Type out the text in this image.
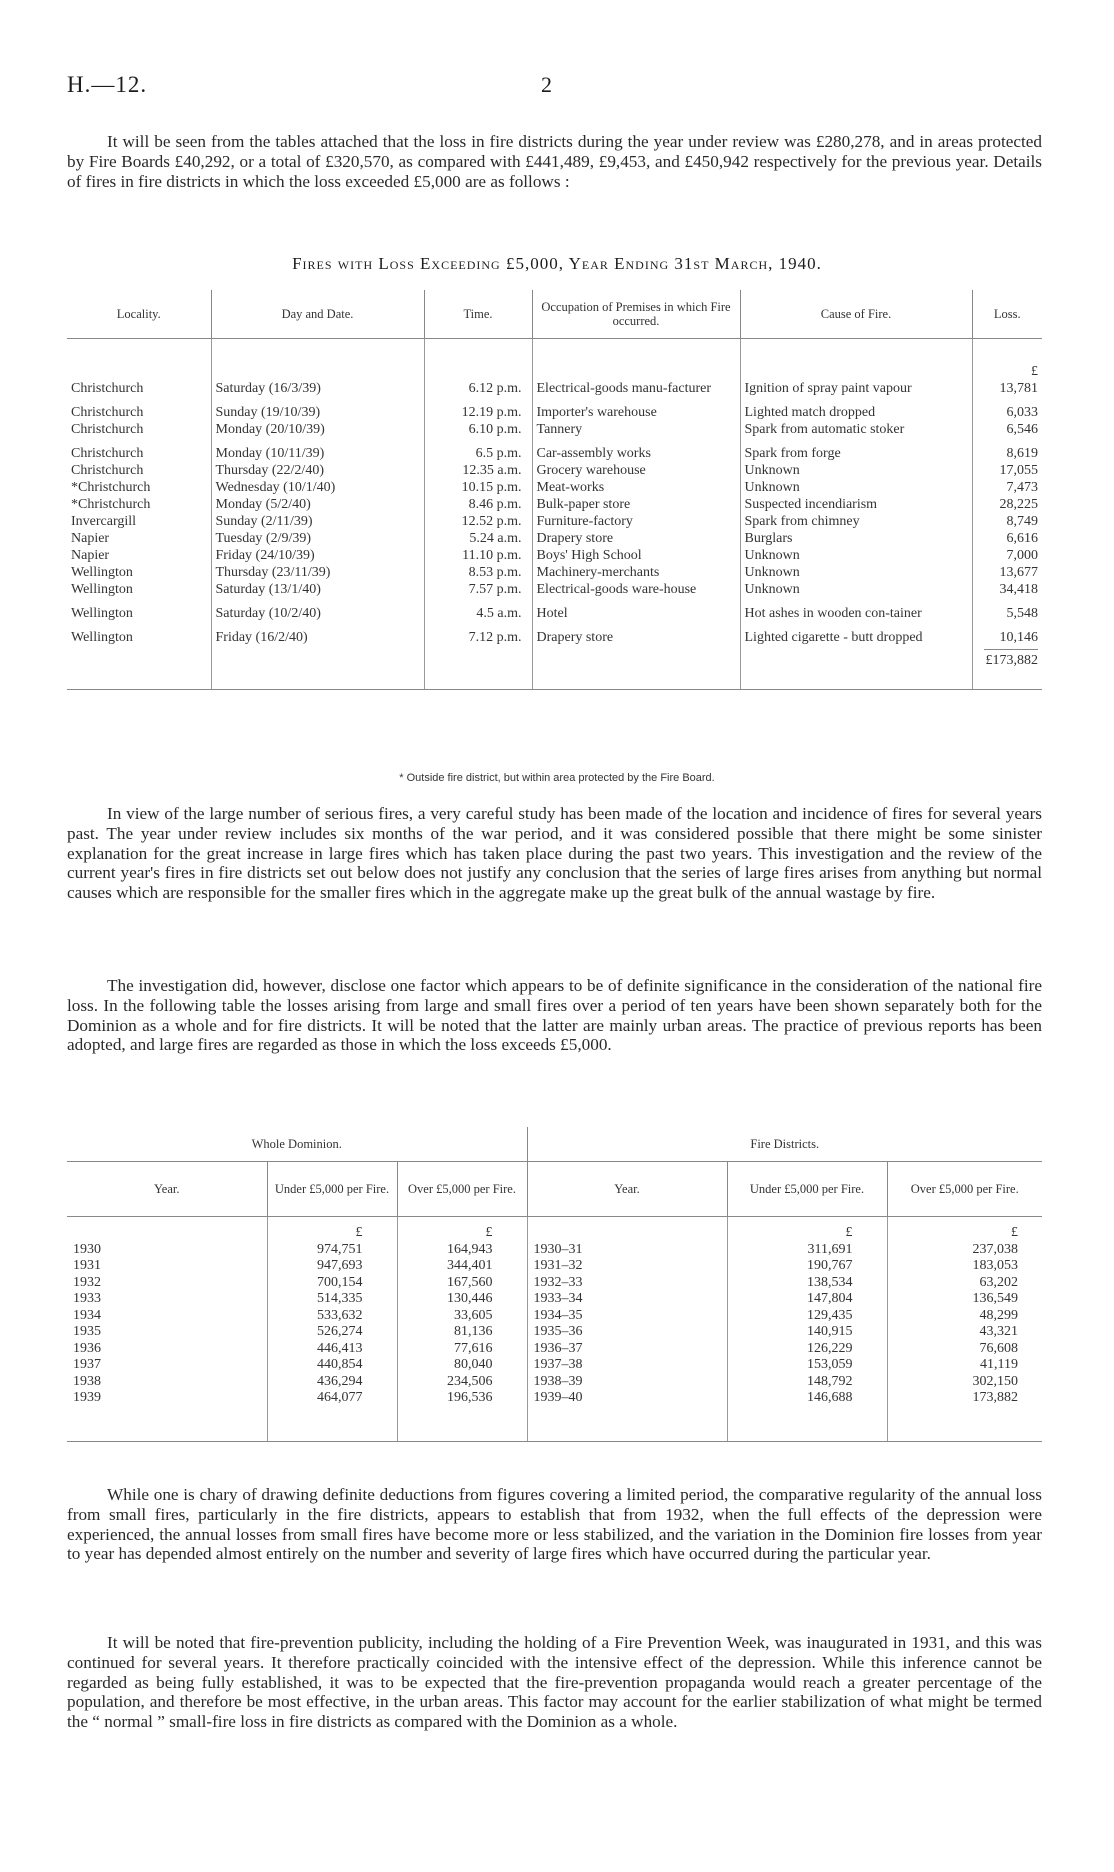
H.—12.	2

It will be seen from the tables attached that the loss in fire districts during the year under review was £280,278, and in areas protected by Fire Boards £40,292, or a total of £320,570, as compared with £441,489, £9,453, and £450,942 respectively for the previous year. Details of fires in fire districts in which the loss exceeded £5,000 are as follows :

Fires with Loss Exceeding £5,000, Year Ending 31st March, 1940.
Locality.	Day and Date.	Time.	Occupation of Premises in which Fire occurred.	Cause of Fire.	Loss.
					£
Christchurch	Saturday (16/3/39)	6.12 p.m.	Electrical-goods manu-facturer	Ignition of spray paint vapour	13,781
Christchurch	Sunday (19/10/39)	12.19 p.m.	Importer's warehouse	Lighted match dropped	6,033
Christchurch	Monday (20/10/39)	6.10 p.m.	Tannery	Spark from automatic stoker	6,546
Christchurch	Monday (10/11/39)	6.5 p.m.	Car-assembly works	Spark from forge	8,619
Christchurch	Thursday (22/2/40)	12.35 a.m.	Grocery warehouse	Unknown	17,055
*Christchurch	Wednesday (10/1/40)	10.15 p.m.	Meat-works	Unknown	7,473
*Christchurch	Monday (5/2/40)	8.46 p.m.	Bulk-paper store	Suspected incendiarism	28,225
Invercargill	Sunday (2/11/39)	12.52 p.m.	Furniture-factory	Spark from chimney	8,749
Napier	Tuesday (2/9/39)	5.24 a.m.	Drapery store	Burglars	6,616
Napier	Friday (24/10/39)	11.10 p.m.	Boys' High School	Unknown	7,000
Wellington	Thursday (23/11/39)	8.53 p.m.	Machinery-merchants	Unknown	13,677
Wellington	Saturday (13/1/40)	7.57 p.m.	Electrical-goods ware-house	Unknown	34,418
Wellington	Saturday (10/2/40)	4.5 a.m.	Hotel	Hot ashes in wooden con-tainer	5,548
Wellington	Friday (16/2/40)	7.12 p.m.	Drapery store	Lighted cigarette - butt dropped	10,146
					£173,882

* Outside fire district, but within area protected by the Fire Board.

In view of the large number of serious fires, a very careful study has been made of the location and incidence of fires for several years past. The year under review includes six months of the war period, and it was considered possible that there might be some sinister explanation for the great increase in large fires which has taken place during the past two years. This investigation and the review of the current year's fires in fire districts set out below does not justify any conclusion that the series of large fires arises from anything but normal causes which are responsible for the smaller fires which in the aggregate make up the great bulk of the annual wastage by fire.

The investigation did, however, disclose one factor which appears to be of definite significance in the consideration of the national fire loss. In the following table the losses arising from large and small fires over a period of ten years have been shown separately both for the Dominion as a whole and for fire districts. It will be noted that the latter are mainly urban areas. The practice of previous reports has been adopted, and large fires are regarded as those in which the loss exceeds £5,000.

Whole Dominion.			Fire Districts.		
Year.	Under £5,000 per Fire.	Over £5,000 per Fire.	Year.	Under £5,000 per Fire.	Over £5,000 per Fire.
	£	£		£	£
1930	974,751	164,943	1930–31	311,691	237,038
1931	947,693	344,401	1931–32	190,767	183,053
1932	700,154	167,560	1932–33	138,534	63,202
1933	514,335	130,446	1933–34	147,804	136,549
1934	533,632	33,605	1934–35	129,435	48,299
1935	526,274	81,136	1935–36	140,915	43,321
1936	446,413	77,616	1936–37	126,229	76,608
1937	440,854	80,040	1937–38	153,059	41,119
1938	436,294	234,506	1938–39	148,792	302,150
1939	464,077	196,536	1939–40	146,688	173,882

While one is chary of drawing definite deductions from figures covering a limited period, the comparative regularity of the annual loss from small fires, particularly in the fire districts, appears to establish that from 1932, when the full effects of the depression were experienced, the annual losses from small fires have become more or less stabilized, and the variation in the Dominion fire losses from year to year has depended almost entirely on the number and severity of large fires which have occurred during the particular year.

It will be noted that fire-prevention publicity, including the holding of a Fire Prevention Week, was inaugurated in 1931, and this was continued for several years. It therefore practically coincided with the intensive effect of the depression. While this inference cannot be regarded as being fully established, it was to be expected that the fire-prevention propaganda would reach a greater percentage of the population, and therefore be most effective, in the urban areas. This factor may account for the earlier stabilization of what might be termed the “ normal ” small-fire loss in fire districts as compared with the Dominion as a whole.
